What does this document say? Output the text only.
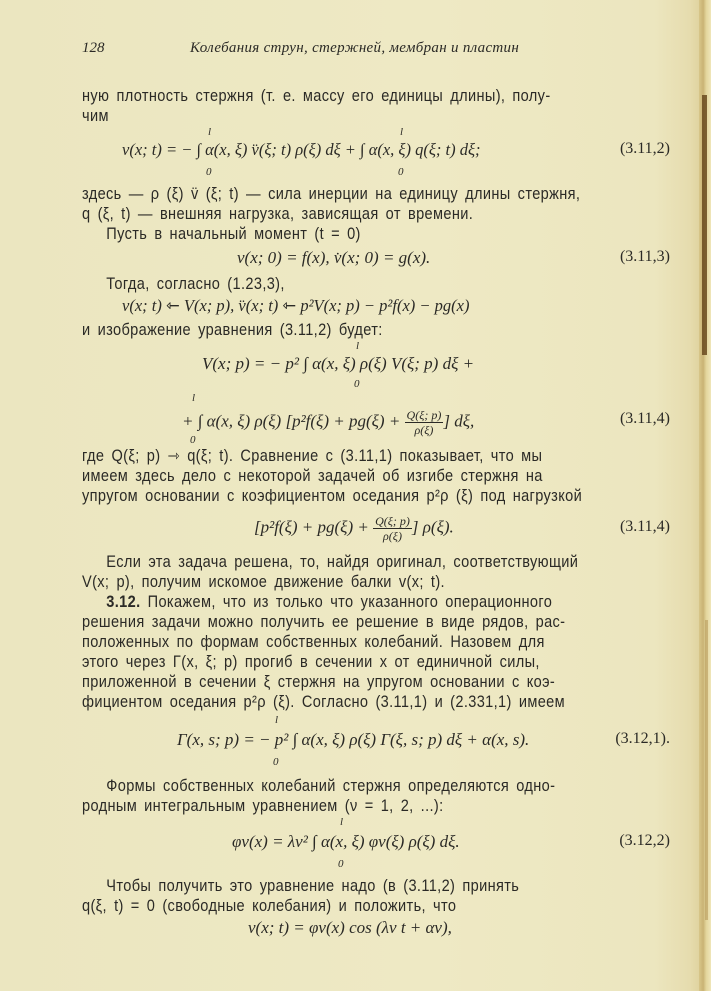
128	Колебания струн, стержней, мембран и пластин

ную плотность стержня (т. е. массу его единицы длины), полу-

чим

l	l
v(x; t) = − ∫ α(x, ξ) v̈(ξ; t) ρ(ξ) dξ + ∫ α(x, ξ) q(ξ; t) dξ;
0	0
(3.11,2)

здесь — ρ (ξ) v̈ (ξ; t) — сила инерции на единицу длины стержня,

q (ξ, t) — внешняя нагрузка, зависящая от времени.

Пусть в начальный момент (t = 0)

v(x; 0) = f(x), v̇(x; 0) = g(x).	(3.11,3)

Тогда, согласно (1.23,3),

v(x; t) ⇽ V(x; p), v̈(x; t) ⇽ p²V(x; p) − p²f(x) − pg(x)

и изображение уравнения (3.11,2) будет:

l
V(x; p) = − p² ∫ α(x, ξ) ρ(ξ) V(ξ; p) dξ +
0
l
+ ∫ α(x, ξ) ρ(ξ) [$p^2f(\xi) + pg(\xi) + \frac{Q(\xi; p)}{\rho(\xi)}$ ] dξ,
0
(3.11,4)

где Q(ξ; p) ⇾ q(ξ; t). Сравнение с (3.11,1) показывает, что мы

имеем здесь дело с некоторой задачей об изгибе стержня на

упругом основании с коэфициентом оседания p²ρ (ξ) под нагрузкой

[$p^2f(\xi) + pg(\xi) + \frac{Q(\xi; p)}{\rho(\xi)}$ ] ρ(ξ).	(3.11,4)

Если эта задача решена, то, найдя оригинал, соответствующий

V(x; p), получим искомое движение балки v(x; t).

3.12. Покажем, что из только что указанного операционного

решения задачи можно получить ее решение в виде рядов, рас-

положенных по формам собственных колебаний. Назовем для

этого через Γ(x, ξ; p) прогиб в сечении x от единичной силы,

приложенной в сечении ξ стержня на упругом основании с коэ-

фициентом оседания p²ρ (ξ). Согласно (3.11,1) и (2.331,1) имеем

l
Γ(x, s; p) = − p² ∫ α(x, ξ) ρ(ξ) Γ(ξ, s; p) dξ + α(x, s).
0
(3.12,1).

Формы собственных колебаний стержня определяются одно-

родным интегральным уравнением (ν = 1, 2, ...):

l
φν(x) = λν² ∫ α(x, ξ) φν(ξ) ρ(ξ) dξ.
0
(3.12,2)

Чтобы получить это уравнение надо (в (3.11,2) принять

q(ξ, t) = 0 (свободные колебания) и положить, что

v(x; t) = φν(x) cos (λν t + αν),
